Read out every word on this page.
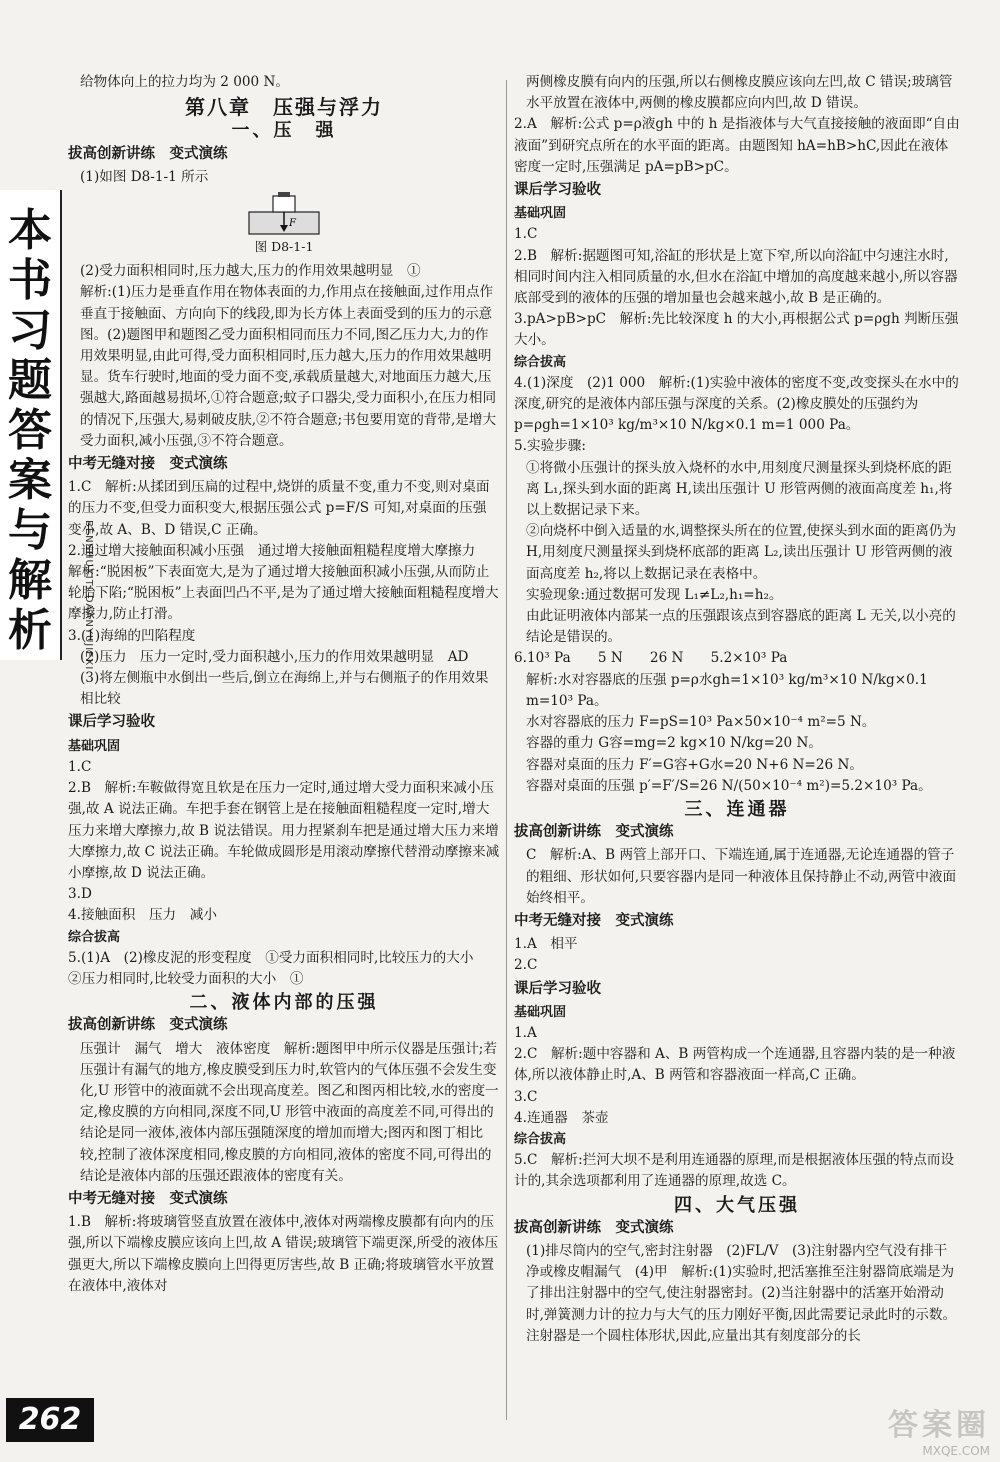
本书习题答案与解析	BENSHUXITI DAANYUJIEXI

给物体向上的拉力均为 2 000 N。

第八章　压强与浮力
一、压　强
拔高创新讲练　变式演练

(1)如图 D8-1-1 所示

F
图 D8-1-1

(2)受力面积相同时,压力越大,压力的作用效果越明显　①

解析:(1)压力是垂直作用在物体表面的力,作用点在接触面,过作用点作垂直于接触面、方向向下的线段,即为长方体上表面受到的压力的示意图。(2)题图甲和题图乙受力面积相同而压力不同,图乙压力大,力的作用效果明显,由此可得,受力面积相同时,压力越大,压力的作用效果越明显。货车行驶时,地面的受力面不变,承载质量越大,对地面压力越大,压强越大,路面越易损坏,①符合题意;蚊子口器尖,受力面积小,在压力相同的情况下,压强大,易刺破皮肤,②不符合题意;书包要用宽的背带,是增大受力面积,减小压强,③不符合题意。

中考无缝对接　变式演练

1.C　解析:从揉团到压扁的过程中,烧饼的质量不变,重力不变,则对桌面的压力不变,但受力面积变大,根据压强公式 p=F/S 可知,对桌面的压强变小,故 A、B、D 错误,C 正确。

2.通过增大接触面积减小压强　通过增大接触面粗糙程度增大摩擦力　解析:“脱困板”下表面宽大,是为了通过增大接触面积减小压强,从而防止轮胎下陷;“脱困板”上表面凹凸不平,是为了通过增大接触面粗糙程度增大摩擦力,防止打滑。

3.(1)海绵的凹陷程度

(2)压力　压力一定时,受力面积越小,压力的作用效果越明显　AD

(3)将左侧瓶中水倒出一些后,倒立在海绵上,并与右侧瓶子的作用效果相比较

课后学习验收
基础巩固

1.C

2.B　解析:车鞍做得宽且软是在压力一定时,通过增大受力面积来减小压强,故 A 说法正确。车把手套在钢管上是在接触面粗糙程度一定时,增大压力来增大摩擦力,故 B 说法错误。用力捏紧刹车把是通过增大压力来增大摩擦力,故 C 说法正确。车轮做成圆形是用滚动摩擦代替滑动摩擦来减小摩擦,故 D 说法正确。

3.D

4.接触面积　压力　减小

综合拔高

5.(1)A　(2)橡皮泥的形变程度　①受力面积相同时,比较压力的大小　②压力相同时,比较受力面积的大小　①

二、液体内部的压强
拔高创新讲练　变式演练

压强计　漏气　增大　液体密度　解析:题图甲中所示仪器是压强计;若压强计有漏气的地方,橡皮膜受到压力时,软管内的气体压强不会发生变化,U 形管中的液面就不会出现高度差。图乙和图丙相比较,水的密度一定,橡皮膜的方向相同,深度不同,U 形管中液面的高度差不同,可得出的结论是同一液体,液体内部压强随深度的增加而增大;图丙和图丁相比较,控制了液体深度相同,橡皮膜的方向相同,液体的密度不同,可得出的结论是液体内部的压强还跟液体的密度有关。

中考无缝对接　变式演练

1.B　解析:将玻璃管竖直放置在液体中,液体对两端橡皮膜都有向内的压强,所以下端橡皮膜应该向上凹,故 A 错误;玻璃管下端更深,所受的液体压强更大,所以下端橡皮膜向上凹得更厉害些,故 B 正确;将玻璃管水平放置在液体中,液体对

两侧橡皮膜有向内的压强,所以右侧橡皮膜应该向左凹,故 C 错误;玻璃管水平放置在液体中,两侧的橡皮膜都应向内凹,故 D 错误。

2.A　解析:公式 p=ρ液gh 中的 h 是指液体与大气直接接触的液面即“自由液面”到研究点所在的水平面的距离。由题图知 hA=hB>hC,因此在液体密度一定时,压强满足 pA=pB>pC。

课后学习验收
基础巩固

1.C

2.B　解析:据题图可知,浴缸的形状是上宽下窄,所以向浴缸中匀速注水时,相同时间内注入相同质量的水,但水在浴缸中增加的高度越来越小,所以容器底部受到的液体的压强的增加量也会越来越小,故 B 是正确的。

3.pA>pB>pC　解析:先比较深度 h 的大小,再根据公式 p=ρgh 判断压强大小。

综合拔高

4.(1)深度　(2)1 000　解析:(1)实验中液体的密度不变,改变探头在水中的深度,研究的是液体内部压强与深度的关系。(2)橡皮膜处的压强约为 p=ρgh=1×10³ kg/m³×10 N/kg×0.1 m=1 000 Pa。

5.实验步骤:

①将微小压强计的探头放入烧杯的水中,用刻度尺测量探头到烧杯底的距离 L₁,探头到水面的距离 H,读出压强计 U 形管两侧的液面高度差 h₁,将以上数据记录下来。

②向烧杯中倒入适量的水,调整探头所在的位置,使探头到水面的距离仍为 H,用刻度尺测量探头到烧杯底部的距离 L₂,读出压强计 U 形管两侧的液面高度差 h₂,将以上数据记录在表格中。

实验现象:通过数据可发现 L₁≠L₂,h₁=h₂。

由此证明液体内部某一点的压强跟该点到容器底的距离 L 无关,以小亮的结论是错误的。

6.10³ Pa　　5 N　　26 N　　5.2×10³ Pa

解析:水对容器底的压强 p=ρ水gh=1×10³ kg/m³×10 N/kg×0.1 m=10³ Pa。

水对容器底的压力 F=pS=10³ Pa×50×10⁻⁴ m²=5 N。

容器的重力 G容=mg=2 kg×10 N/kg=20 N。

容器对桌面的压力 F′=G容+G水=20 N+6 N=26 N。

容器对桌面的压强 p′=F′/S=26 N/(50×10⁻⁴ m²)=5.2×10³ Pa。

三、连通器
拔高创新讲练　变式演练

C　解析:A、B 两管上部开口、下端连通,属于连通器,无论连通器的管子的粗细、形状如何,只要容器内是同一种液体且保持静止不动,两管中液面始终相平。

中考无缝对接　变式演练

1.A　相平

2.C

课后学习验收
基础巩固

1.A

2.C　解析:题中容器和 A、B 两管构成一个连通器,且容器内装的是一种液体,所以液体静止时,A、B 两管和容器液面一样高,C 正确。

3.C

4.连通器　茶壶

综合拔高

5.C　解析:拦河大坝不是利用连通器的原理,而是根据液体压强的特点而设计的,其余选项都利用了连通器的原理,故选 C。

四、大气压强
拔高创新讲练　变式演练

(1)排尽筒内的空气,密封注射器　(2)FL/V　(3)注射器内空气没有排干净或橡皮帽漏气　(4)甲　解析:(1)实验时,把活塞推至注射器筒底端是为了排出注射器中的空气,使注射器密封。(2)当注射器中的活塞开始滑动时,弹簧测力计的拉力与大气的压力刚好平衡,因此需要记录此时的示数。注射器是一个圆柱体形状,因此,应量出其有刻度部分的长

262	答案圈
MXQE.COM
